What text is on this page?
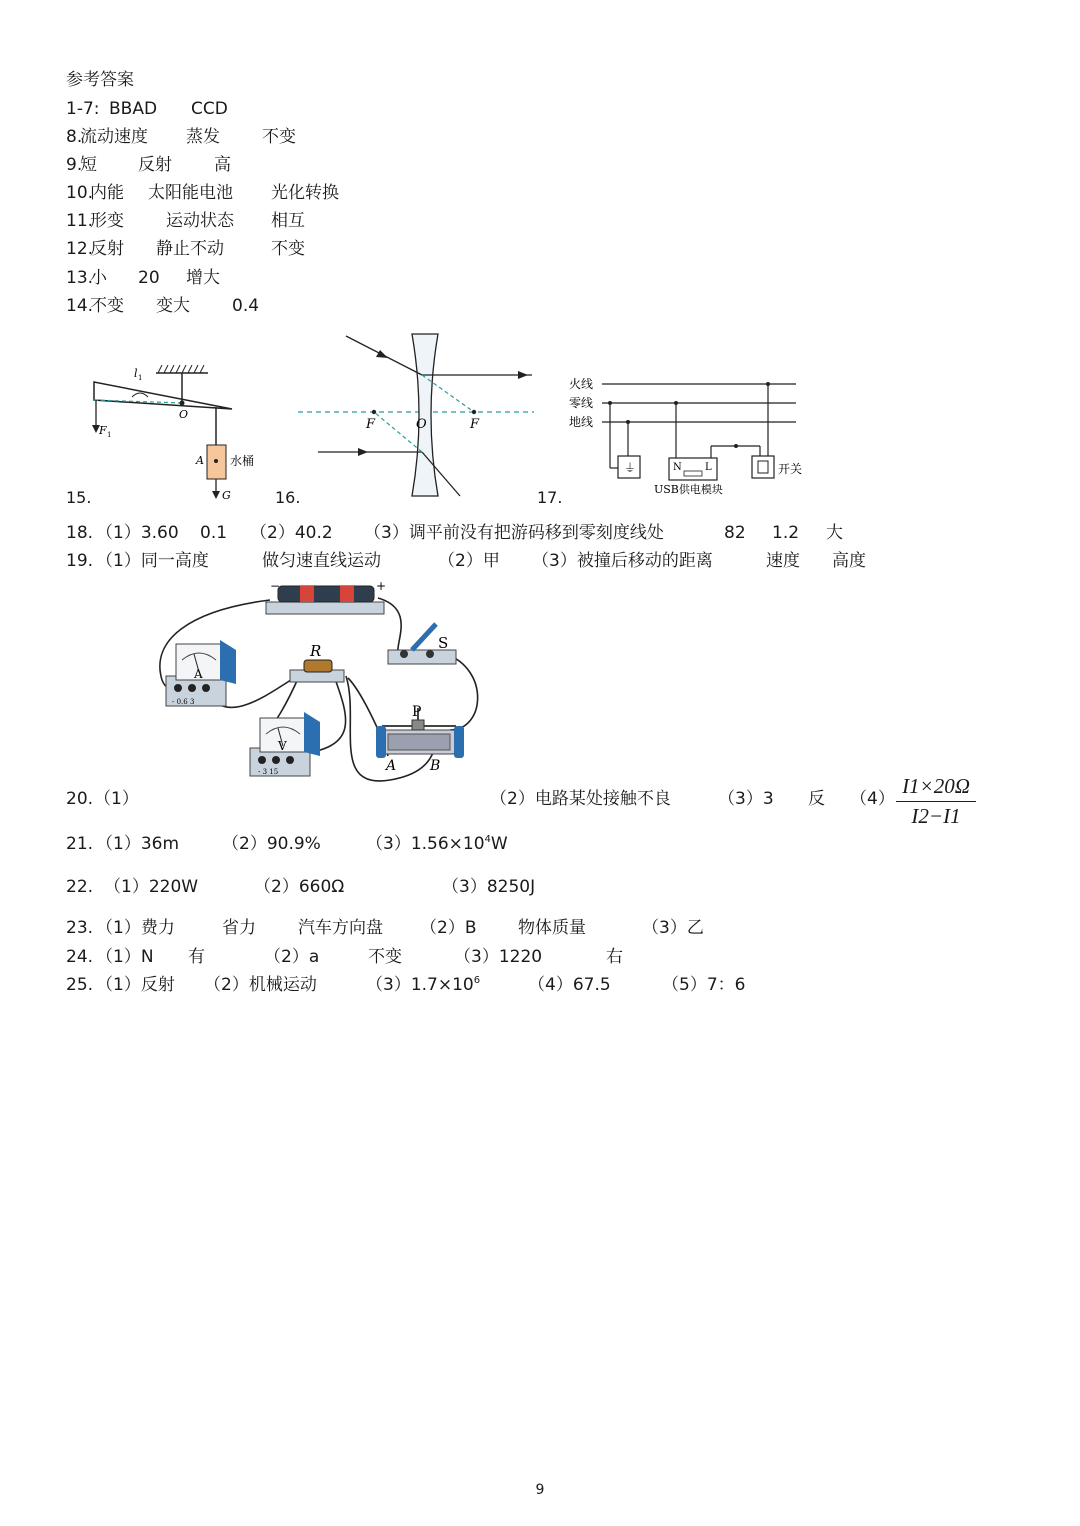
参考答案
1-7: BBAD CCD
8.
流动速度 蒸发 不变
9.
短 反射 高
10.
内能 太阳能电池 光化转换
11.
形变 运动状态 相互
12.
反射 静止不动	不变
13.
小 20 增大
14.
不变 变大 0.4
l 1
O
F 1
A 水桶
G
15.
F	O	F
16.
火线
零线
地线
⏚	N L
USB供电模块
开关
17.
18. （1）3.60 0.1 （2）40.2 （3）调平前没有把游码移到零刻度线处	82 1.2 大
19. （1）同一高度	做匀速直线运动	（2）甲 （3）被撞后移动的距离	速度 高度
−	+
S
R
A
- 0.6 3
V
- 3 15
P
A B
20. （1）	（2）电路某处接触不良	（3）3 反 $(4) \frac{I1\times 20\Omega}{I2-I1}$
21. （1）36m	（2）90.9%	$(3)1.56\times 10^4W$
22. （1）220W	（2）660Ω	（3）8250J
23. （1）费力	省力 汽车方向盘 （2）B 物体质量	（3）乙
24. （1）N 有	（2）a	不变	（3）1220	右
25. （1）反射 （2）机械运动	$(3)1.7\times 10^6$	（4）67.5	（5）7：6
9
